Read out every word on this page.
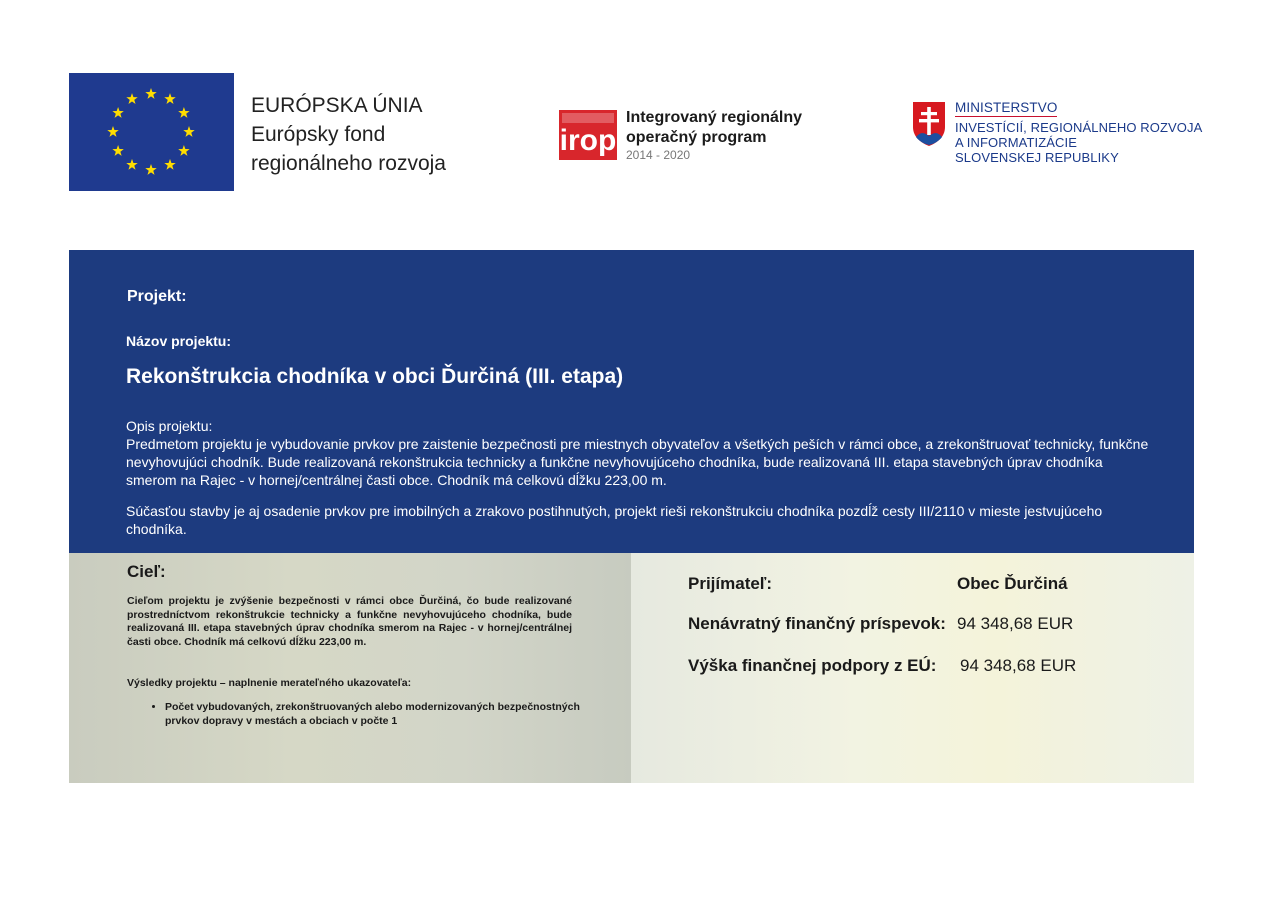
EURÓPSKA ÚNIA
Európsky fond
regionálneho rozvoja
irop
Integrovaný regionálny
operačný program
2014 - 2020
MINISTERSTVO
INVESTÍCIÍ, REGIONÁLNEHO ROZVOJA
A INFORMATIZÁCIE
SLOVENSKEJ REPUBLIKY
Projekt:
Názov projektu:
Rekonštrukcia chodníka v obci Ďurčiná (III. etapa)
Opis projektu:
Predmetom projektu je vybudovanie prvkov pre zaistenie bezpečnosti pre miestnych obyvateľov a všetkých peších v rámci obce, a zrekonštruovať technicky, funkčne nevyhovujúci chodník. Bude realizovaná rekonštrukcia technicky a funkčne nevyhovujúceho chodníka, bude realizovaná III. etapa stavebných úprav chodníka smerom na Rajec - v hornej/centrálnej časti obce. Chodník má celkovú dĺžku 223,00 m.
Súčasťou stavby je aj osadenie prvkov pre imobilných a zrakovo postihnutých, projekt rieši rekonštrukciu chodníka pozdĺž cesty III/2110 v mieste jestvujúceho chodníka.
Cieľ:
Cieľom projektu je zvýšenie bezpečnosti v rámci obce Ďurčiná, čo bude realizované prostredníctvom rekonštrukcie technicky a funkčne nevyhovujúceho chodníka, bude realizovaná III. etapa stavebných úprav chodníka smerom na Rajec - v hornej/centrálnej časti obce. Chodník má celkovú dĺžku 223,00 m.
Výsledky projektu – naplnenie merateľného ukazovateľa:
• Počet vybudovaných, zrekonštruovaných alebo modernizovaných bezpečnostných prvkov dopravy v mestách a obciach v počte 1
Prijímateľ:	Obec Ďurčiná
Nenávratný finančný príspevok: 94 348,68 EUR
Výška finančnej podpory z EÚ: 94 348,68 EUR
